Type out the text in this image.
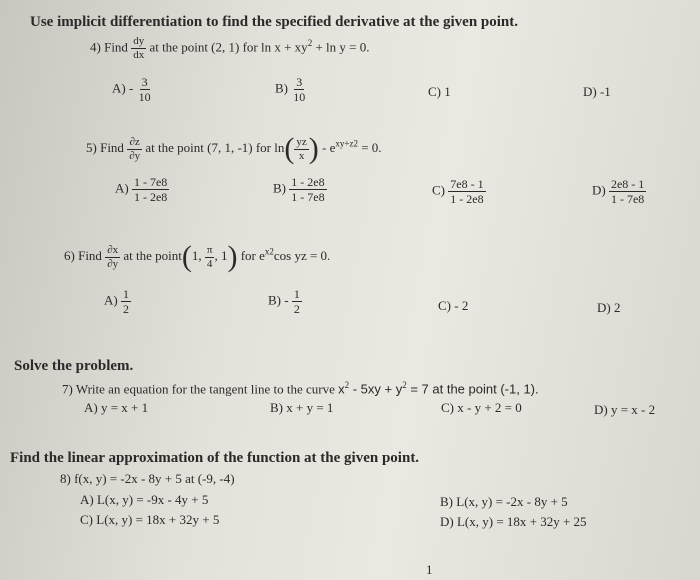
Use implicit differentiation to find the specified derivative at the given point.
4) Find $\frac{dy}{dx}$ at the point (2, 1) for $\ln x + xy^2 + \ln y = 0$.
$A) - \frac{3}{10}$	$B) \frac{3}{10}$	C) 1	D) -1
5) Find $\frac{\partial z}{\partial y}$ at the point (7, 1, -1) for $\ln( \frac{yz}{x}$ ) - $e^{xy+z2} = 0$.
$A) \frac{1 - 7e8}{1 - 2e8}$	$B) \frac{1 - 2e8}{1 - 7e8}$	$C) \frac{7e8 - 1}{1 - 2e8}$	$D) \frac{2e8 - 1}{1 - 7e8}$
6) Find $\frac{\partial x}{\partial y}$ at the point(1, $\frac{\pi}{4}$ , 1) for $e^{x2}\cos$ yz = 0.
$A) \frac{1}{2}$	$B) - \frac{1}{2}$	C) - 2	D) 2
Solve the problem.
7) Write an equation for the tangent line to the curve $x^2 - 5xy + y^2 = 7$ at the point (-1, 1).
A) y = x + 1	B) x + y = 1	C) x - y + 2 = 0	D) y = x - 2
Find the linear approximation of the function at the given point.
8) f(x, y) = -2x - 8y + 5 at (-9, -4)
A) L(x, y) = -9x - 4y + 5	B) L(x, y) = -2x - 8y + 5
C) L(x, y) = 18x + 32y + 5	D) L(x, y) = 18x + 32y + 25
1
